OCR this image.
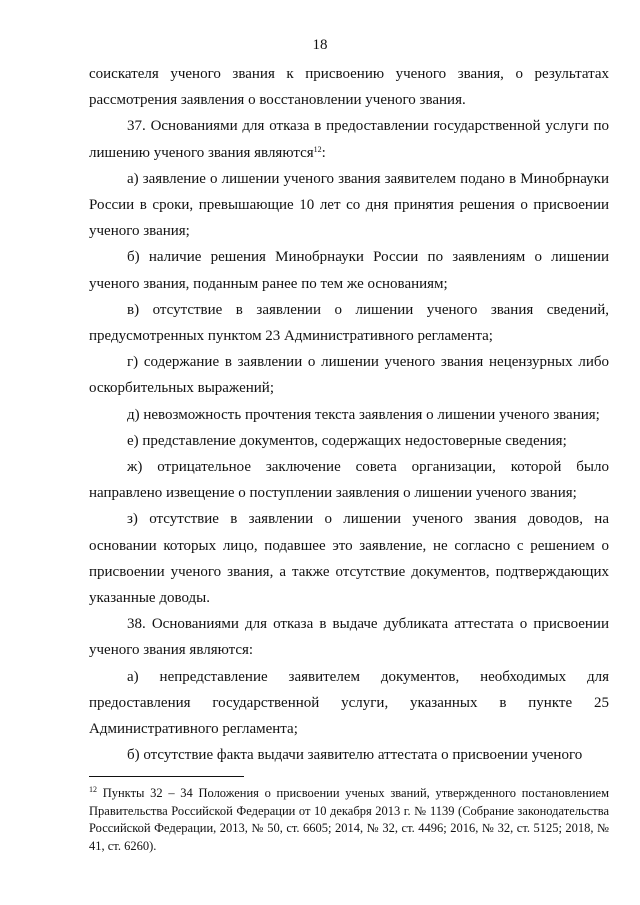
18

соискателя ученого звания к присвоению ученого звания, о результатах рассмотрения заявления о восстановлении ученого звания.

37. Основаниями для отказа в предоставлении государственной услуги по лишению ученого звания являются$^{12}$:

а) заявление о лишении ученого звания заявителем подано в Минобрнауки России в сроки, превышающие 10 лет со дня принятия решения о присвоении ученого звания;

б) наличие решения Минобрнауки России по заявлениям о лишении ученого звания, поданным ранее по тем же основаниям;

в) отсутствие в заявлении о лишении ученого звания сведений, предусмотренных пунктом 23 Административного регламента;

г) содержание в заявлении о лишении ученого звания нецензурных либо оскорбительных выражений;

д) невозможность прочтения текста заявления о лишении ученого звания;

е) представление документов, содержащих недостоверные сведения;

ж) отрицательное заключение совета организации, которой было направлено извещение о поступлении заявления о лишении ученого звания;

з) отсутствие в заявлении о лишении ученого звания доводов, на основании которых лицо, подавшее это заявление, не согласно с решением о присвоении ученого звания, а также отсутствие документов, подтверждающих указанные доводы.

38. Основаниями для отказа в выдаче дубликата аттестата о присвоении ученого звания являются:

а) непредставление заявителем документов, необходимых для предоставления государственной услуги, указанных в пункте 25 Административного регламента;

б) отсутствие факта выдачи заявителю аттестата о присвоении ученого

$^{12}$ Пункты 32 – 34 Положения о присвоении ученых званий, утвержденного постановлением Правительства Российской Федерации от 10 декабря 2013 г. № 1139 (Собрание законодательства Российской Федерации, 2013, № 50, ст. 6605; 2014, № 32, ст. 4496; 2016, № 32, ст. 5125; 2018, № 41, ст. 6260).
